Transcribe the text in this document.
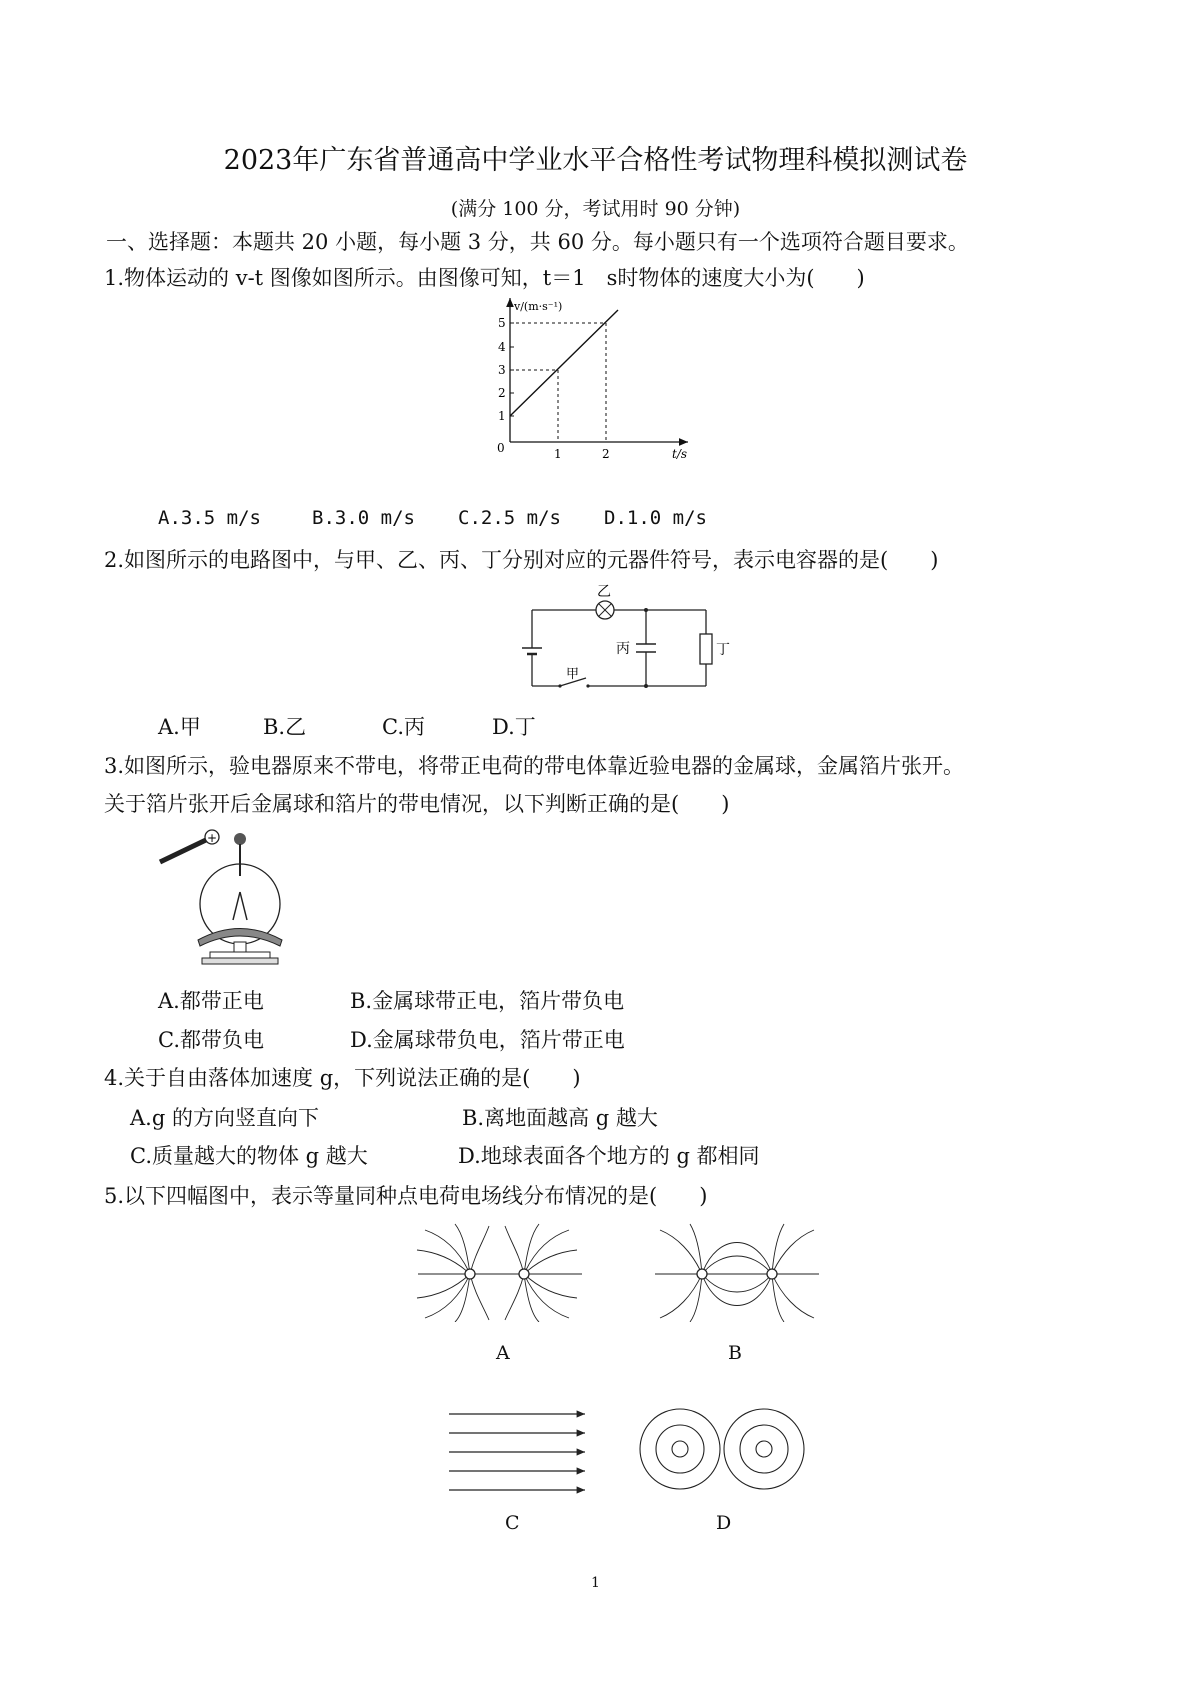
2023年广东省普通高中学业水平合格性考试物理科模拟测试卷
(满分 100 分，考试用时 90 分钟)
一、选择题：本题共 20 小题，每小题 3 分，共 60 分。每小题只有一个选项符合题目要求。
1.物体运动的 v-t 图像如图所示。由图像可知，t＝1　s时物体的速度大小为(　　)
v/(m·s⁻¹)
t/s
0
1
2
3
4
5
1	2
A.3.5 m/s	B.3.0 m/s C.2.5 m/s D.1.0 m/s
2.如图所示的电路图中，与甲、乙、丙、丁分别对应的元器件符号，表示电容器的是(　　)
乙
甲
丙	丁
A.甲	B.乙	C.丙	D.丁
3.如图所示，验电器原来不带电，将带正电荷的带电体靠近验电器的金属球，金属箔片张开。
关于箔片张开后金属球和箔片的带电情况，以下判断正确的是(　　)
+
A.都带正电	B.金属球带正电，箔片带负电
C.都带负电	D.金属球带负电，箔片带正电
4.关于自由落体加速度 g，下列说法正确的是(　　)
A.g 的方向竖直向下	B.离地面越高 g 越大
C.质量越大的物体 g 越大	D.地球表面各个地方的 g 都相同
5.以下四幅图中，表示等量同种点电荷电场线分布情况的是(　　)
A	B
C	D
1
